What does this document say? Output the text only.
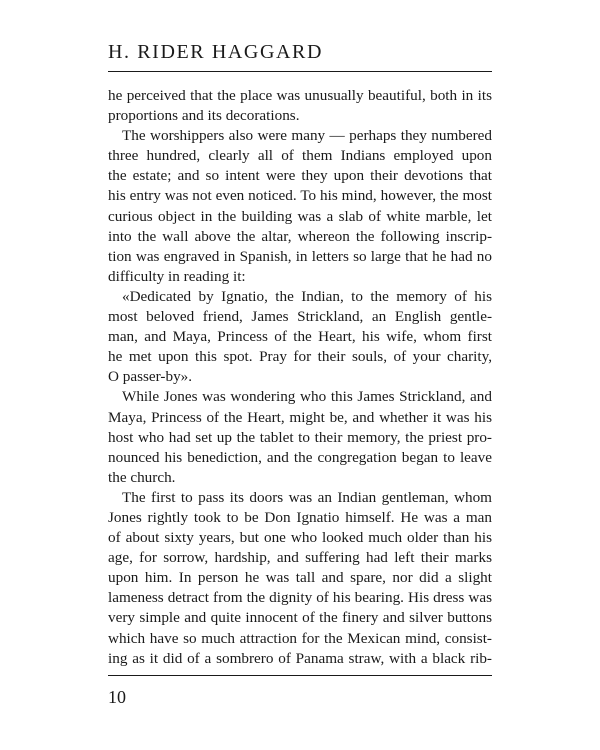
H. RIDER HAGGARD
he perceived that the place was unusually beautiful, both in its
proportions and its decorations.
The worshippers also were many — perhaps they numbered
three hundred, clearly all of them Indians employed upon
the estate; and so intent were they upon their devotions that
his entry was not even noticed. To his mind, however, the most
curious object in the building was a slab of white marble, let
into the wall above the altar, whereon the following inscrip-
tion was engraved in Spanish, in letters so large that he had no
difficulty in reading it:
«Dedicated by Ignatio, the Indian, to the memory of his
most beloved friend, James Strickland, an English gentle-
man, and Maya, Princess of the Heart, his wife, whom first
he met upon this spot. Pray for their souls, of your charity,
O passer-by».
While Jones was wondering who this James Strickland, and
Maya, Princess of the Heart, might be, and whether it was his
host who had set up the tablet to their memory, the priest pro-
nounced his benediction, and the congregation began to leave
the church.
The first to pass its doors was an Indian gentleman, whom
Jones rightly took to be Don Ignatio himself. He was a man
of about sixty years, but one who looked much older than his
age, for sorrow, hardship, and suffering had left their marks
upon him. In person he was tall and spare, nor did a slight
lameness detract from the dignity of his bearing. His dress was
very simple and quite innocent of the finery and silver buttons
which have so much attraction for the Mexican mind, consist-
ing as it did of a sombrero of Panama straw, with a black rib-
10
